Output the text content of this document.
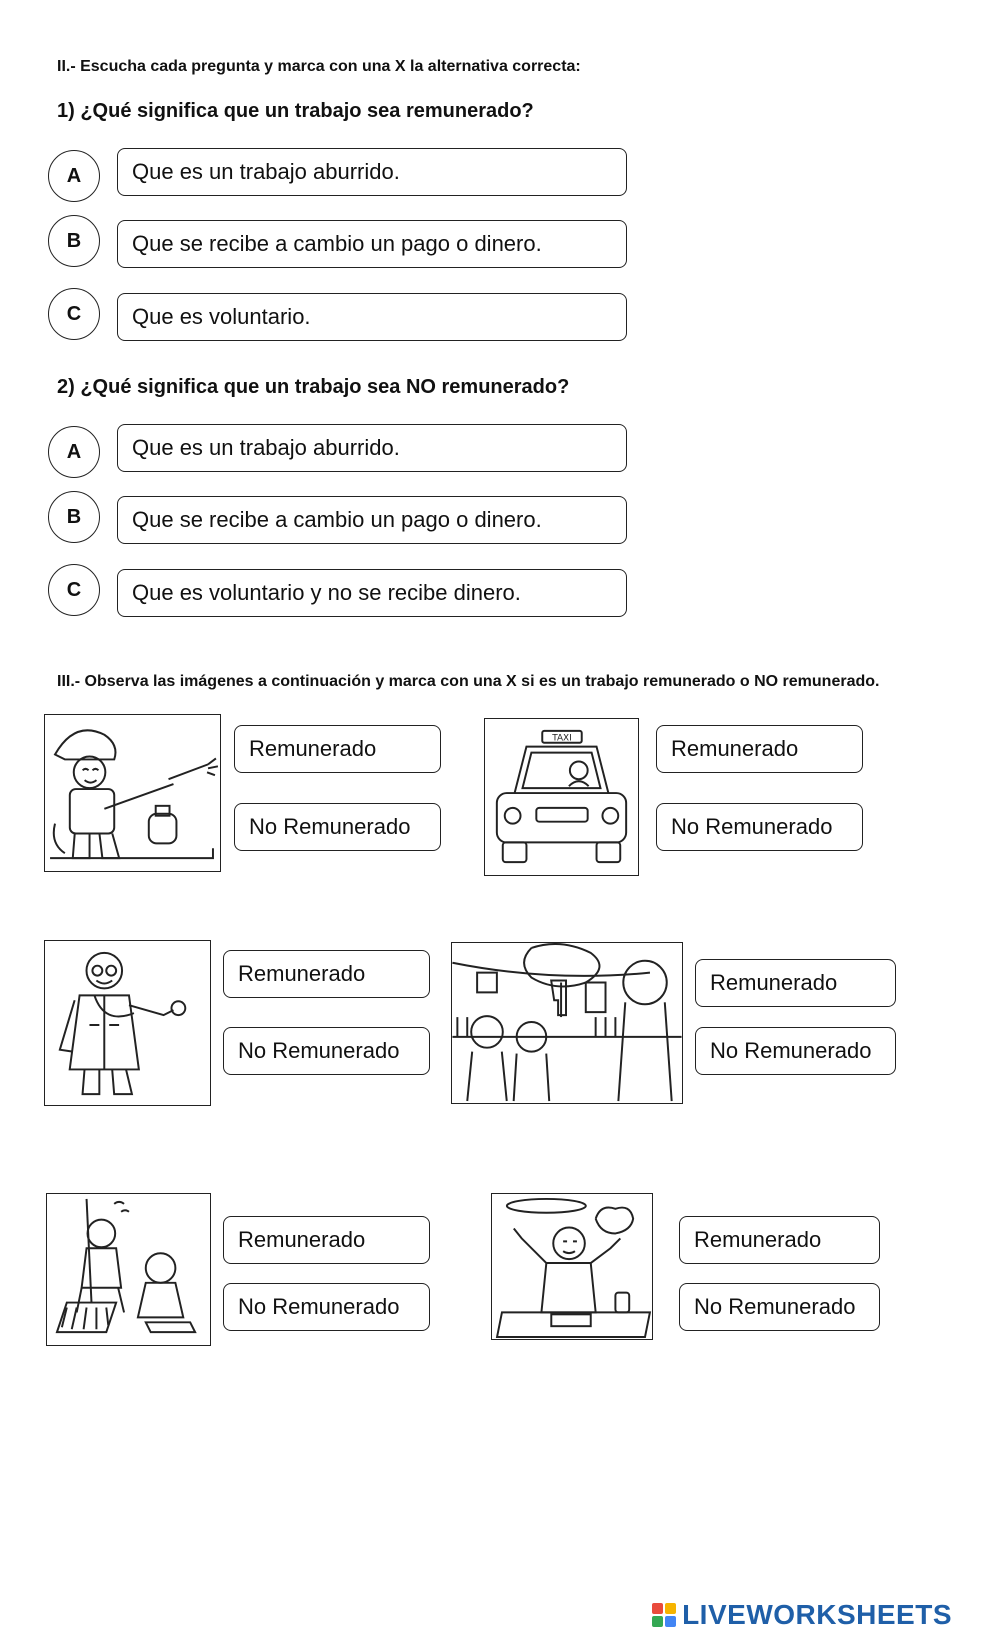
II.- Escucha cada pregunta y marca con una X la alternativa correcta:
1) ¿Qué significa que un trabajo sea remunerado?
A	Que es un trabajo aburrido.
B	Que se recibe a cambio un pago o dinero.
C	Que es voluntario.
2) ¿Qué significa que un trabajo sea NO remunerado?
A	Que es un trabajo aburrido.
B	Que se recibe a cambio un pago o dinero.
C	Que es voluntario y no se recibe dinero.
III.- Observa las imágenes a continuación y marca con una X si es un trabajo remunerado o NO remunerado.
Remunerado
No Remunerado
TAXI	Remunerado
No Remunerado
Remunerado
No Remunerado
Remunerado
No Remunerado
Remunerado
No Remunerado
Remunerado
No Remunerado
LIVEWORKSHEETS
